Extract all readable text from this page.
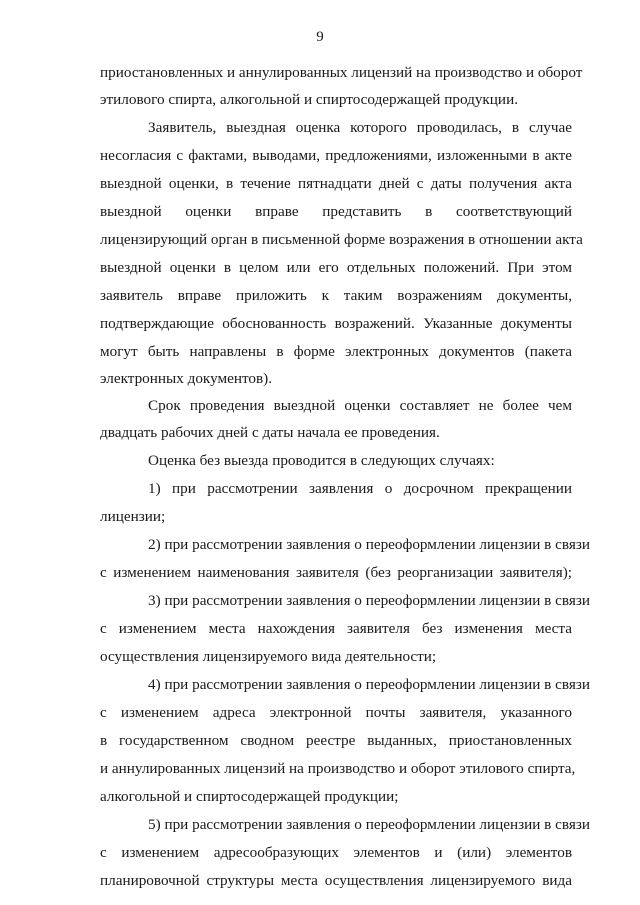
9
приостановленных и аннулированных лицензий на производство и оборот
этилового спирта, алкогольной и спиртосодержащей продукции.
Заявитель, выездная оценка которого проводилась, в случае
несогласия с фактами, выводами, предложениями, изложенными в акте
выездной оценки, в течение пятнадцати дней с даты получения акта
выездной оценки вправе представить в соответствующий
лицензирующий орган в письменной форме возражения в отношении акта
выездной оценки в целом или его отдельных положений. При этом
заявитель вправе приложить к таким возражениям документы,
подтверждающие обоснованность возражений. Указанные документы
могут быть направлены в форме электронных документов (пакета
электронных документов).
Срок проведения выездной оценки составляет не более чем
двадцать рабочих дней с даты начала ее проведения.
Оценка без выезда проводится в следующих случаях:
1) при рассмотрении заявления о досрочном прекращении
лицензии;
2) при рассмотрении заявления о переоформлении лицензии в связи
с изменением наименования заявителя (без реорганизации заявителя);
3) при рассмотрении заявления о переоформлении лицензии в связи
с изменением места нахождения заявителя без изменения места
осуществления лицензируемого вида деятельности;
4) при рассмотрении заявления о переоформлении лицензии в связи
с изменением адреса электронной почты заявителя, указанного
в государственном сводном реестре выданных, приостановленных
и аннулированных лицензий на производство и оборот этилового спирта,
алкогольной и спиртосодержащей продукции;
5) при рассмотрении заявления о переоформлении лицензии в связи
с изменением адресообразующих элементов и (или) элементов
планировочной структуры места осуществления лицензируемого вида
